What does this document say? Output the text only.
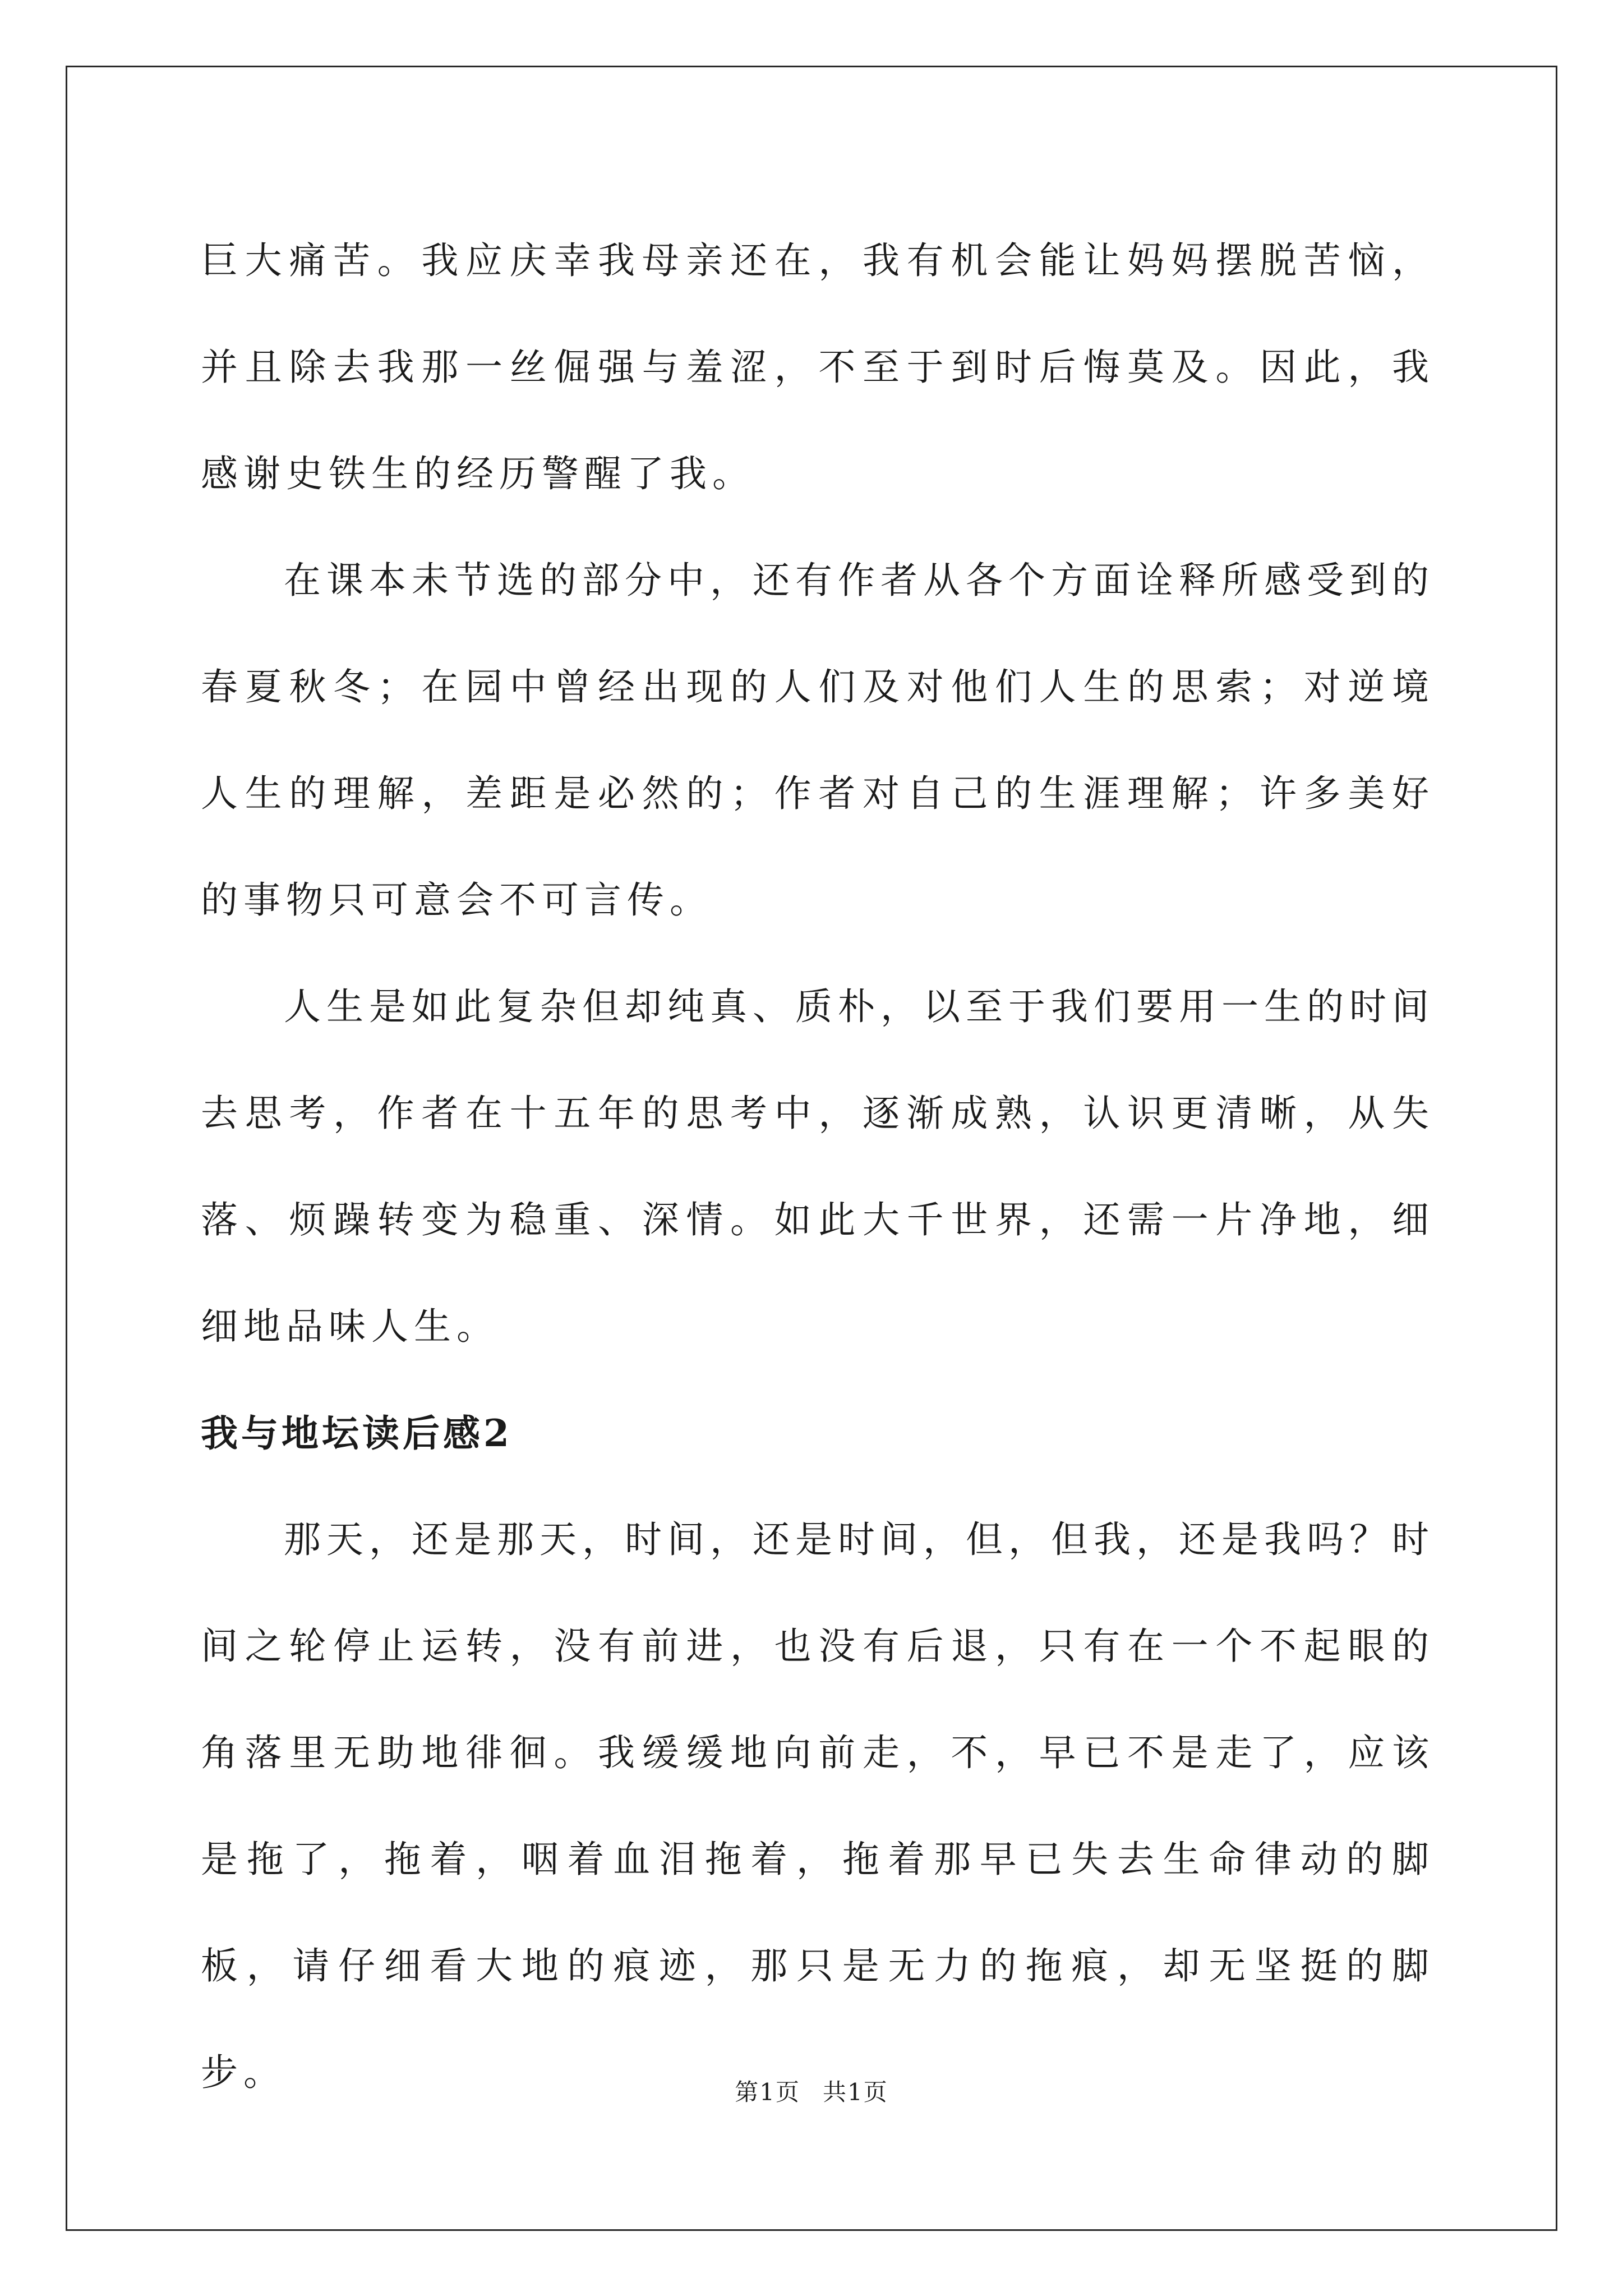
巨大痛苦。我应庆幸我母亲还在，我有机会能让妈妈摆脱苦恼，并且除去我那一丝倔强与羞涩，不至于到时后悔莫及。因此，我感谢史铁生的经历警醒了我。

在课本未节选的部分中，还有作者从各个方面诠释所感受到的春夏秋冬；在园中曾经出现的人们及对他们人生的思索；对逆境人生的理解，差距是必然的；作者对自己的生涯理解；许多美好的事物只可意会不可言传。

人生是如此复杂但却纯真、质朴，以至于我们要用一生的时间去思考，作者在十五年的思考中，逐渐成熟，认识更清晰，从失落、烦躁转变为稳重、深情。如此大千世界，还需一片净地，细细地品味人生。

我与地坛读后感2

那天，还是那天，时间，还是时间，但，但我，还是我吗？时间之轮停止运转，没有前进，也没有后退，只有在一个不起眼的角落里无助地徘徊。我缓缓地向前走，不，早已不是走了，应该是拖了，拖着，咽着血泪拖着，拖着那早已失去生命律动的脚板，请仔细看大地的痕迹，那只是无力的拖痕，却无坚挺的脚步。	第1页 共1页
